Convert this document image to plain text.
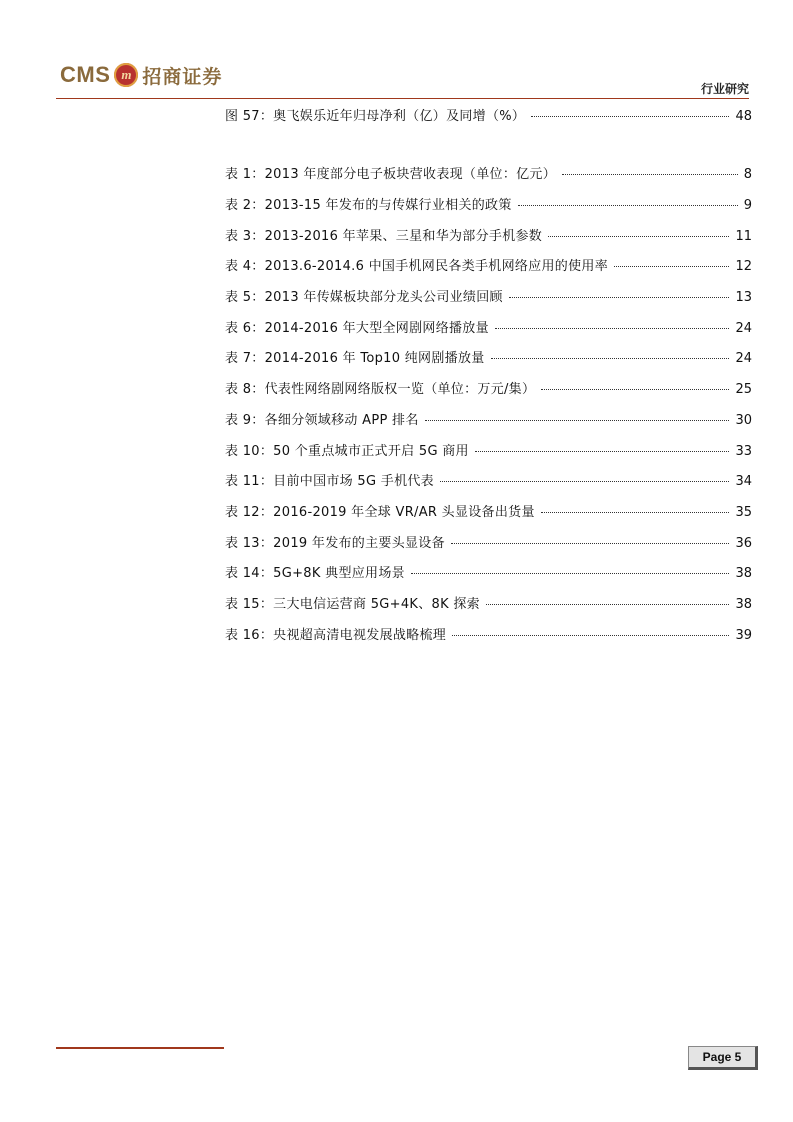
CMS m 招商证券
行业研究
图 57：奥飞娱乐近年归母净利（亿）及同增（%）	48
表 1：2013 年度部分电子板块营收表现（单位：亿元）	8
表 2：2013-15 年发布的与传媒行业相关的政策	9
表 3：2013-2016 年苹果、三星和华为部分手机参数	11
表 4：2013.6-2014.6 中国手机网民各类手机网络应用的使用率	12
表 5：2013 年传媒板块部分龙头公司业绩回顾	13
表 6：2014-2016 年大型全网剧网络播放量	24
表 7：2014-2016 年 Top10 纯网剧播放量	24
表 8：代表性网络剧网络版权一览（单位：万元/集）	25
表 9：各细分领域移动 APP 排名	30
表 10：50 个重点城市正式开启 5G 商用	33
表 11：目前中国市场 5G 手机代表	34
表 12：2016-2019 年全球 VR/AR 头显设备出货量	35
表 13：2019 年发布的主要头显设备	36
表 14：5G+8K 典型应用场景	38
表 15：三大电信运营商 5G+4K、8K 探索	38
表 16：央视超高清电视发展战略梳理	39
Page
5
